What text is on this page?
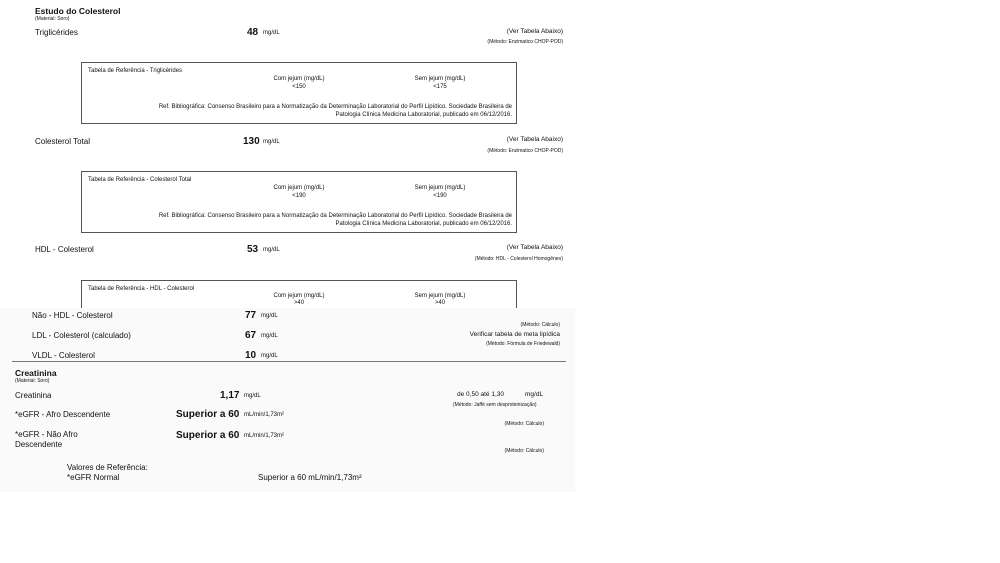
Estudo do Colesterol
(Material: Soro)
Triglicérides	48 mg/dL	(Ver Tabela Abaixo)
(Método: Enzimatico CHOP-POD)
Tabela de Referência - Triglicérides
Com jejum (mg/dL)
<150
Sem jejum (mg/dL)
<175
Ref. Bibliográfica: Consenso Brasileiro para a Normatização da Determinação Laboratorial do Perfil Lipídico. Sociedade Brasileira de
Patologia Clínica Medicina Laboratorial, publicado em 06/12/2016.
Colesterol Total	130 mg/dL	(Ver Tabela Abaixo)
(Método: Enzimatico CHOP-POD)
Tabela de Referência - Colesterol Total
Com jejum (mg/dL)
<190
Sem jejum (mg/dL)
<190
Ref. Bibliográfica: Consenso Brasileiro para a Normatização da Determinação Laboratorial do Perfil Lipídico. Sociedade Brasileira de
Patologia Clínica Medicina Laboratorial, publicado em 06/12/2016.
HDL - Colesterol	53 mg/dL	(Ver Tabela Abaixo)
(Método: HDL - Colesterol Homogêneo)
Tabela de Referência - HDL - Colesterol
Com jejum (mg/dL)
>40
Sem jejum (mg/dL)
>40
Não - HDL - Colesterol	77 mg/dL
(Método: Cálculo)
LDL - Colesterol (calculado)	67 mg/dL	Verificar tabela de meta lipídica
(Método: Fórmula de Friedewald)
VLDL - Colesterol	10 mg/dL
Creatinina
(Material: Soro)
Creatinina	1,17 mg/dL	de 0,50 até 1,30	mg/dL
(Método: Jaffé sem desproteinização)
*eGFR - Afro Descendente	Superior a 60 mL/min/1,73m²
(Método: Cálculo)
*eGFR - Não Afro
Descendente
Superior a 60 mL/min/1,73m²
(Método: Cálculo)
Valores de Referência:
*eGFR Normal	Superior a 60 mL/min/1,73m²
